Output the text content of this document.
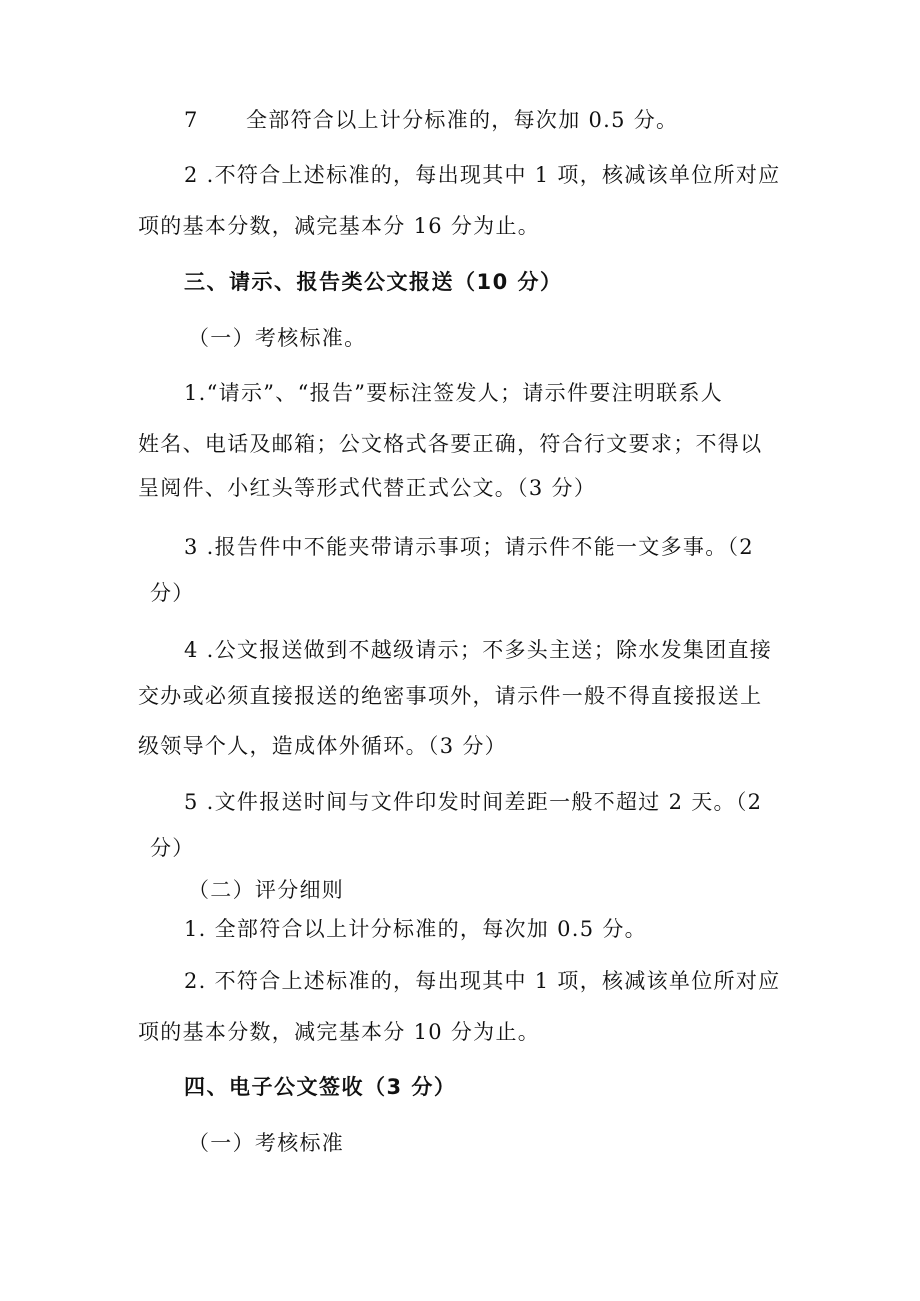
7 全部符合以上计分标准的，每次加 0.5 分。
2 .不符合上述标准的，每出现其中 1 项，核减该单位所对应
项的基本分数，减完基本分 16 分为止。
三、请示、报告类公文报送（10 分）
（一）考核标准。
1.“请示”、“报告”要标注签发人；请示件要注明联系人
姓名、电话及邮箱；公文格式各要正确，符合行文要求；不得以
呈阅件、小红头等形式代替正式公文。（3 分）
3 .报告件中不能夹带请示事项；请示件不能一文多事。（2
分）
4 .公文报送做到不越级请示；不多头主送；除水发集团直接
交办或必须直接报送的绝密事项外，请示件一般不得直接报送上
级领导个人，造成体外循环。（3 分）
5 .文件报送时间与文件印发时间差距一般不超过 2 天。（2
分）
（二）评分细则
1. 全部符合以上计分标准的，每次加 0.5 分。
2. 不符合上述标准的，每出现其中 1 项，核减该单位所对应
项的基本分数，减完基本分 10 分为止。
四、电子公文签收（3 分）
（一）考核标准
